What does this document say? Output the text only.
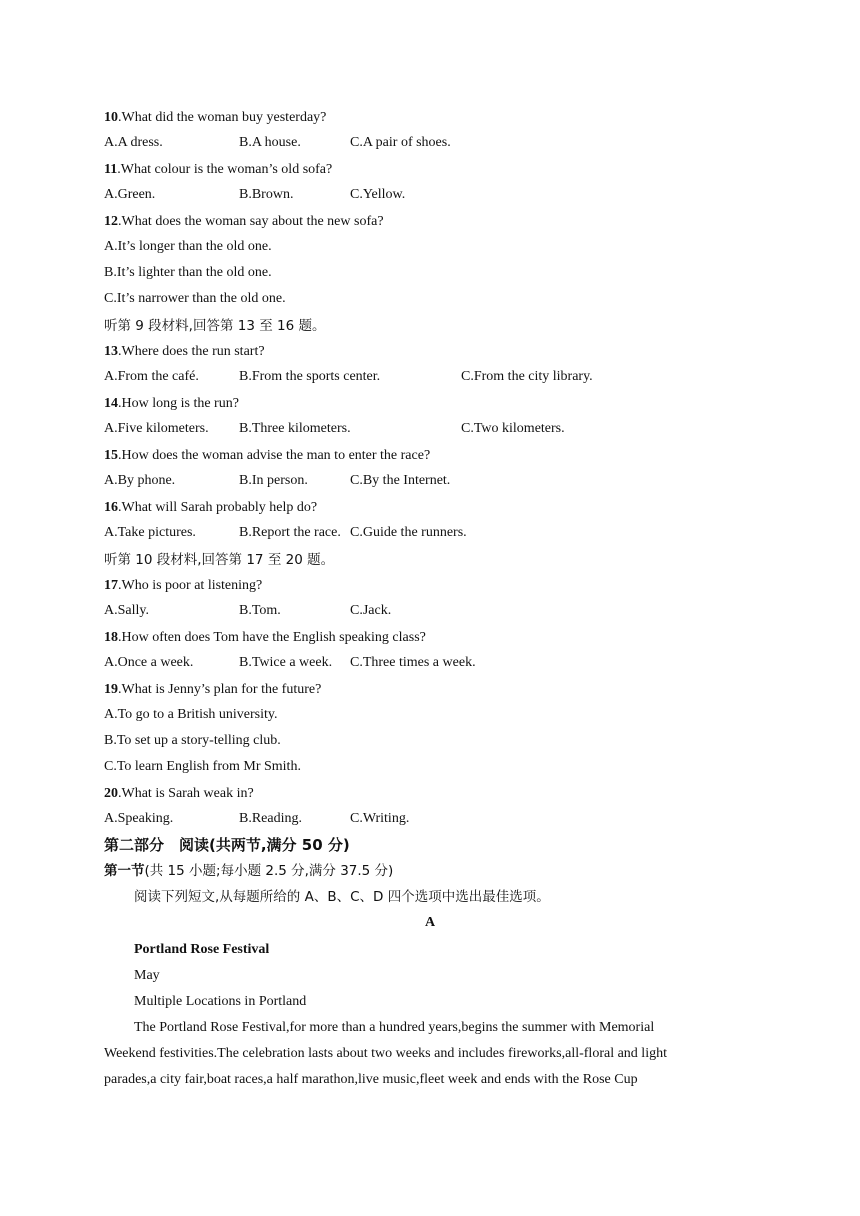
10.What did the woman buy yesterday?
A.A dress.	B.A house.	C.A pair of shoes.
11.What colour is the woman’s old sofa?
A.Green.	B.Brown.	C.Yellow.
12.What does the woman say about the new sofa?
A.It’s longer than the old one.
B.It’s lighter than the old one.
C.It’s narrower than the old one.
听第 9 段材料,回答第 13 至 16 题。
13.Where does the run start?
A.From the café.	B.From the sports center.	C.From the city library.
14.How long is the run?
A.Five kilometers. B.Three kilometers.	C.Two kilometers.
15.How does the woman advise the man to enter the race?
A.By phone.	B.In person.	C.By the Internet.
16.What will Sarah probably help do?
A.Take pictures.	B.Report the race. C.Guide the runners.
听第 10 段材料,回答第 17 至 20 题。
17.Who is poor at listening?
A.Sally.	B.Tom.	C.Jack.
18.How often does Tom have the English speaking class?
A.Once a week.	B.Twice a week. C.Three times a week.
19.What is Jenny’s plan for the future?
A.To go to a British university.
B.To set up a story-telling club.
C.To learn English from Mr Smith.
20.What is Sarah weak in?
A.Speaking.	B.Reading.	C.Writing.
第二部分　阅读(共两节,满分 50 分)
第一节(共 15 小题;每小题 2.5 分,满分 37.5 分)
阅读下列短文,从每题所给的 A、B、C、D 四个选项中选出最佳选项。
A
Portland Rose Festival
May
Multiple Locations in Portland
The Portland Rose Festival,for more than a hundred years,begins the summer with Memorial
Weekend festivities.The celebration lasts about two weeks and includes fireworks,all-floral and light
parades,a city fair,boat races,a half marathon,live music,fleet week and ends with the Rose Cup
